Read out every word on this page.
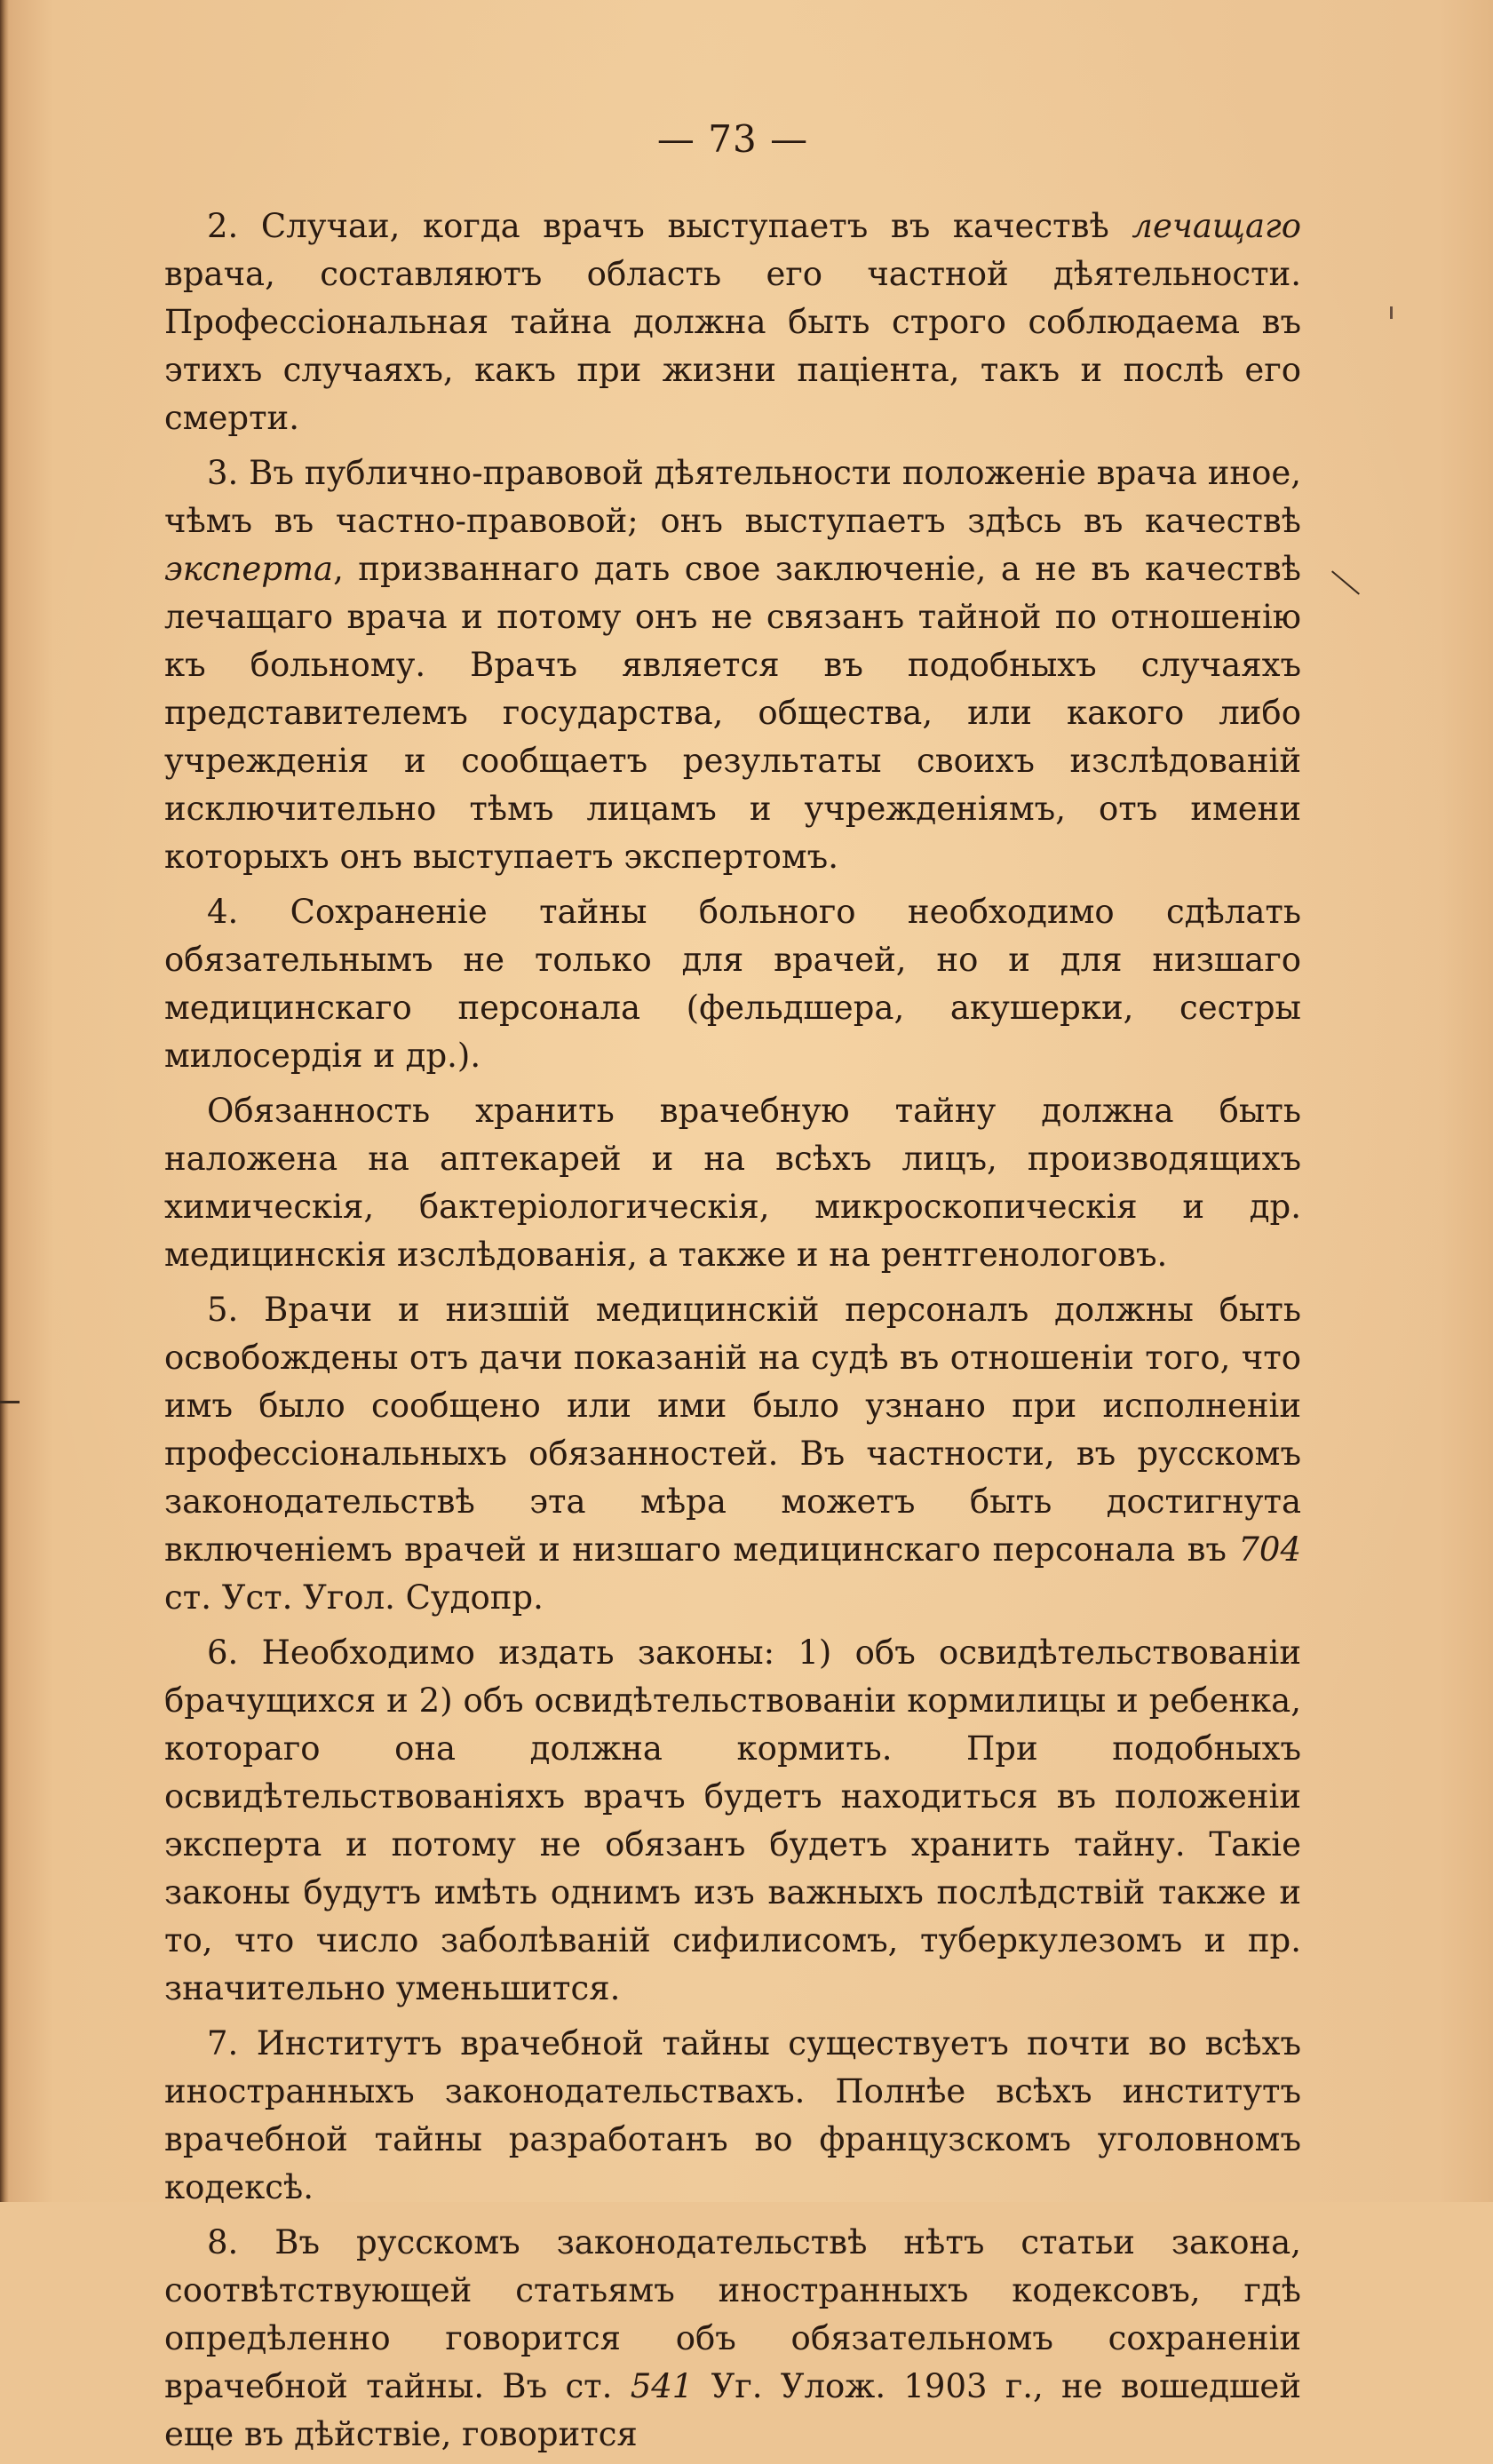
— 73 —

2. Случаи, когда врачъ выступаетъ въ качествѣ лечащаго врача, составляютъ область его частной дѣятельности. Профессiональная тайна должна быть строго соблюдаема въ этихъ случаяхъ, какъ при жизни пацiента, такъ и послѣ его смерти.

3. Въ публично-правовой дѣятельности положенiе врача иное, чѣмъ въ частно-правовой; онъ выступаетъ здѣсь въ качествѣ эксперта, призваннаго дать свое заключенiе, а не въ качествѣ лечащаго врача и потому онъ не связанъ тайной по отношенiю къ больному. Врачъ является въ подобныхъ случаяхъ представителемъ государства, общества, или какого либо учрежденiя и сообщаетъ результаты своихъ изслѣдованiй исключительно тѣмъ лицамъ и учрежденiямъ, отъ имени которыхъ онъ выступаетъ экспертомъ.

4. Сохраненiе тайны больного необходимо сдѣлать обязательнымъ не только для врачей, но и для низшаго медицинскаго персонала (фельдшера, акушерки, сестры милосердiя и др.).

Обязанность хранить врачебную тайну должна быть наложена на аптекарей и на всѣхъ лицъ, производящихъ химическiя, бактерiологическiя, микроскопическiя и др. медицинскiя изслѣдованiя, а также и на рентгенологовъ.

5. Врачи и низшiй медицинскiй персоналъ должны быть освобождены отъ дачи показанiй на судѣ въ отношенiи того, что имъ было сообщено или ими было узнано при исполненiи профессiональныхъ обязанностей. Въ частности, въ русскомъ законодательствѣ эта мѣра можетъ быть достигнута включенiемъ врачей и низшаго медицинскаго персонала въ 704 ст. Уст. Угол. Судопр.

6. Необходимо издать законы: 1) объ освидѣтельствованiи брачущихся и 2) объ освидѣтельствованiи кормилицы и ребенка, котораго она должна кормить. При подобныхъ освидѣтельствованiяхъ врачъ будетъ находиться въ положенiи эксперта и потому не обязанъ будетъ хранить тайну. Такiе законы будутъ имѣть однимъ изъ важныхъ послѣдствiй также и то, что число заболѣванiй сифилисомъ, туберкулезомъ и пр. значительно уменьшится.

7. Институтъ врачебной тайны существуетъ почти во всѣхъ иностранныхъ законодательствахъ. Полнѣе всѣхъ институтъ врачебной тайны разработанъ во французскомъ уголовномъ кодексѣ.

8. Въ русскомъ законодательствѣ нѣтъ статьи закона, соотвѣтствующей статьямъ иностранныхъ кодексовъ, гдѣ опредѣленно говорится объ обязательномъ сохраненiи врачебной тайны. Въ ст. 541 Уг. Улож. 1903 г., не вошедшей еще въ дѣйствiе, говорится
